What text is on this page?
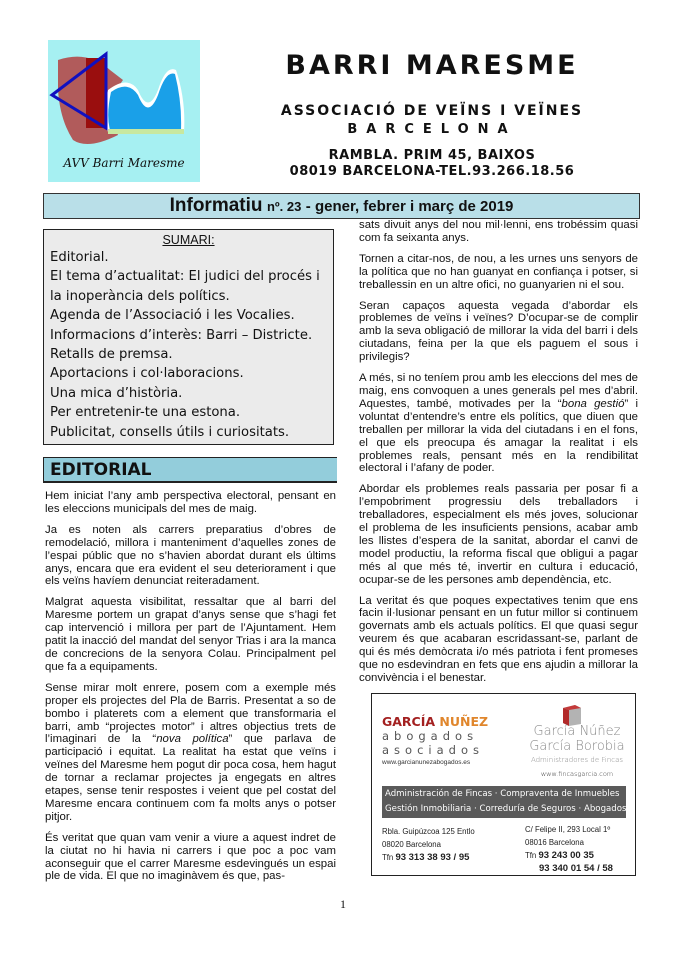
AVV Barri Maresme
BARRI MARESME
ASSOCIACIÓ DE VEÏNS I VEÏNES
BARCELONA
RAMBLA. PRIM 45, BAIXOS
08019 BARCELONA-TEL.93.266.18.56
Informatiu nº. 23 - gener, febrer i març de 2019
SUMARI:
Editorial.
El tema d’actualitat: El judici del procés i la inoperància dels polítics.
Agenda de l’Associació i les Vocalies.
Informacions d’interès: Barri – Districte.
Retalls de premsa.
Aportacions i col·laboracions.
Una mica d’història.
Per entretenir-te una estona.
Publicitat, consells útils i curiositats.
EDITORIAL

Hem iniciat l’any amb perspectiva electoral, pensant en les eleccions municipals del mes de maig.

Ja es noten als carrers preparatius d’obres de remodelació, millora i manteniment d’aquelles zones de l’espai públic que no s’havien abordat durant els últims anys, encara que era evident el seu deteriorament i que els veïns havíem denunciat reiteradament.

Malgrat aquesta visibilitat, ressaltar que al barri del Maresme portem un grapat d’anys sense que s’hagi fet cap intervenció i millora per part de l’Ajuntament. Hem patit la inacció del mandat del senyor Trias i ara la manca de concrecions de la senyora Colau. Principalment pel que fa a equipaments.

Sense mirar molt enrere, posem com a exemple més proper els projectes del Pla de Barris. Presentat a so de bombo i platerets com a element que transformaria el barri, amb “projectes motor” i altres objectius trets de l’imaginari de la “nova política” que parlava de participació i equitat. La realitat ha estat que veïns i veïnes del Maresme hem pogut dir poca cosa, hem hagut de tornar a reclamar projectes ja engegats en altres etapes, sense tenir respostes i veient que pel costat del Maresme encara continuem com fa molts anys o potser pitjor.

És veritat que quan vam venir a viure a aquest indret de la ciutat no hi havia ni carrers i que poc a poc vam aconseguir que el carrer Maresme esdevingués un espai ple de vida. El que no imaginàvem és que, pas-

sats divuit anys del nou mil·lenni, ens trobéssim quasi com fa seixanta anys.

Tornen a citar-nos, de nou, a les urnes uns senyors de la política que no han guanyat en confiança i potser, si treballessin en un altre ofici, no guanyarien ni el sou.

Seran capaços aquesta vegada d’abordar els problemes de veïns i veïnes? D’ocupar-se de complir amb la seva obligació de millorar la vida del barri i dels ciutadans, feina per la que els paguem el sous i privilegis?

A més, si no teníem prou amb les eleccions del mes de maig, ens convoquen a unes generals pel mes d’abril. Aquestes, també, motivades per la “bona gestió” i voluntat d’entendre’s entre els polítics, que diuen que treballen per millorar la vida del ciutadans i en el fons, el que els preocupa és amagar la realitat i els problemes reals, pensant més en la rendibilitat electoral i l’afany de poder.

Abordar els problemes reals passaria per posar fi a l’empobriment progressiu dels treballadors i treballadores, especialment els més joves, solucionar el problema de les insuficients pensions, acabar amb les llistes d’espera de la sanitat, abordar el canvi de model productiu, la reforma fiscal que obligui a pagar més al que més té, invertir en cultura i educació, ocupar-se de les persones amb dependència, etc.

La veritat és que poques expectatives tenim que ens facin il·lusionar pensant en un futur millor si continuem governats amb els actuals polítics. El que quasi segur veurem és que acabaran escridassant-se, parlant de qui és més demòcrata i/o més patriota i fent promeses que no esdevindran en fets que ens ajudin a millorar la convivència i el benestar.

GARCÍA NUÑEZ
abogados
asociados
www.garcianunezabogados.es
García Núñez
García Borobia
Administradores de Fincas
www.fincasgarcia.com
Administración de Fincas · Compraventa de Inmuebles
Gestión Inmobiliaria · Correduría de Seguros · Abogados
Rbla. Guipúzcoa 125 Entlo
08020 Barcelona
Tfn 93 313 38 93 / 95
C/ Felipe II, 293 Local 1º
08016 Barcelona
Tfn 93 243 00 35
93 340 01 54 / 58
1
